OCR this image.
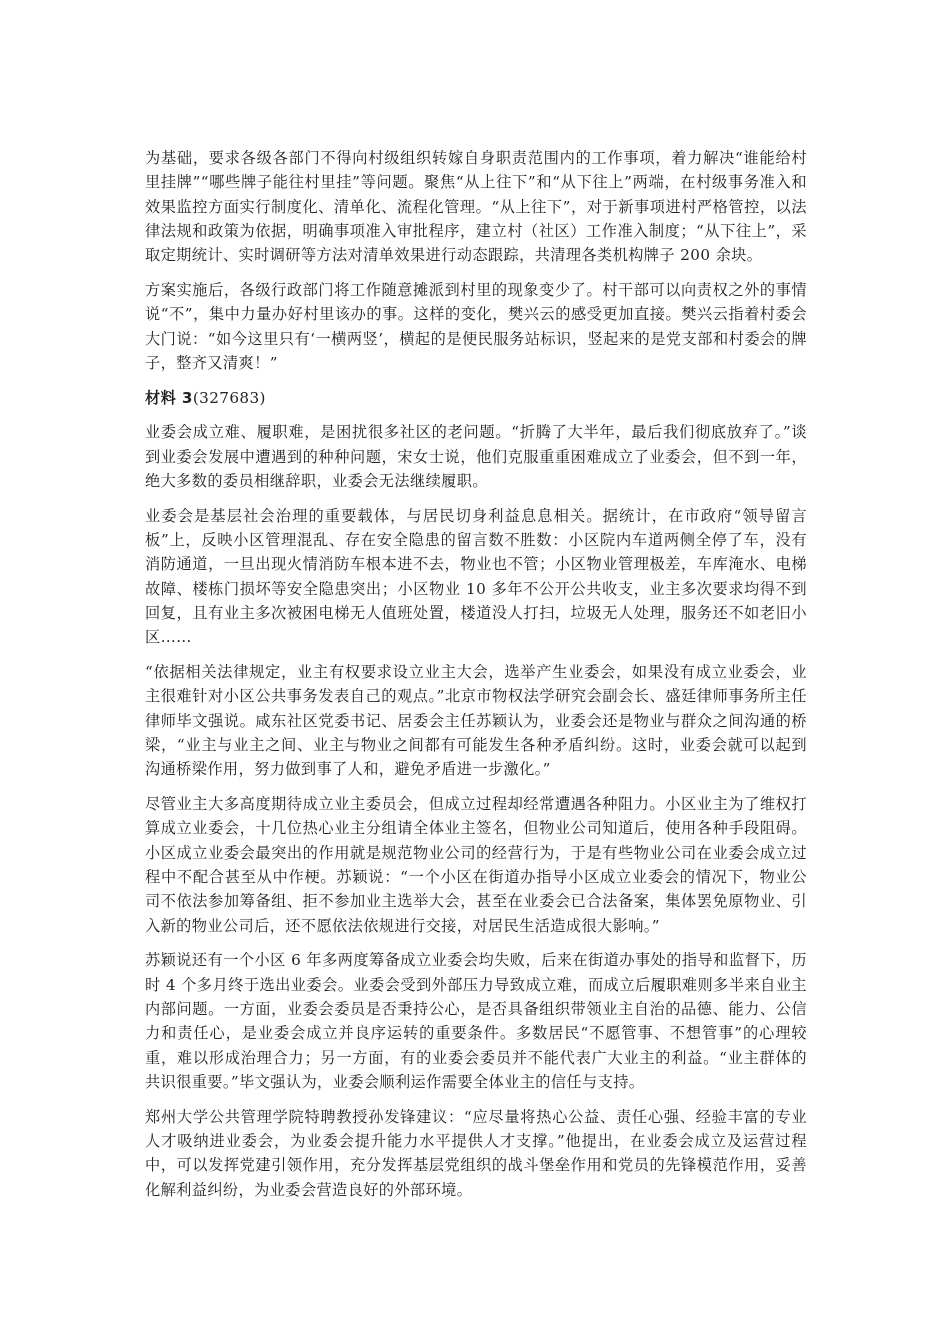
为基础，要求各级各部门不得向村级组织转嫁自身职责范围内的工作事项，着力解决“谁能给村里挂牌”“哪些牌子能往村里挂”等问题。聚焦“从上往下”和“从下往上”两端，在村级事务准入和效果监控方面实行制度化、清单化、流程化管理。“从上往下”，对于新事项进村严格管控，以法律法规和政策为依据，明确事项准入审批程序，建立村（社区）工作准入制度；“从下往上”，采取定期统计、实时调研等方法对清单效果进行动态跟踪，共清理各类机构牌子 200 余块。

方案实施后，各级行政部门将工作随意摊派到村里的现象变少了。村干部可以向责权之外的事情说“不”，集中力量办好村里该办的事。这样的变化，樊兴云的感受更加直接。樊兴云指着村委会大门说：“如今这里只有‘一横两竖’，横起的是便民服务站标识，竖起来的是党支部和村委会的牌子，整齐又清爽！”

材料 3(327683)

业委会成立难、履职难，是困扰很多社区的老问题。“折腾了大半年，最后我们彻底放弃了。”谈到业委会发展中遭遇到的种种问题，宋女士说，他们克服重重困难成立了业委会，但不到一年，绝大多数的委员相继辞职，业委会无法继续履职。

业委会是基层社会治理的重要载体，与居民切身利益息息相关。据统计，在市政府“领导留言板”上，反映小区管理混乱、存在安全隐患的留言数不胜数：小区院内车道两侧全停了车，没有消防通道，一旦出现火情消防车根本进不去，物业也不管；小区物业管理极差，车库淹水、电梯故障、楼栋门损坏等安全隐患突出；小区物业 10 多年不公开公共收支，业主多次要求均得不到回复，且有业主多次被困电梯无人值班处置，楼道没人打扫，垃圾无人处理，服务还不如老旧小区……

“依据相关法律规定，业主有权要求设立业主大会，选举产生业委会，如果没有成立业委会，业主很难针对小区公共事务发表自己的观点。”北京市物权法学研究会副会长、盛廷律师事务所主任律师毕文强说。咸东社区党委书记、居委会主任苏颖认为，业委会还是物业与群众之间沟通的桥梁，“业主与业主之间、业主与物业之间都有可能发生各种矛盾纠纷。这时，业委会就可以起到沟通桥梁作用，努力做到事了人和，避免矛盾进一步激化。”

尽管业主大多高度期待成立业主委员会，但成立过程却经常遭遇各种阻力。小区业主为了维权打算成立业委会，十几位热心业主分组请全体业主签名，但物业公司知道后，使用各种手段阻碍。小区成立业委会最突出的作用就是规范物业公司的经营行为，于是有些物业公司在业委会成立过程中不配合甚至从中作梗。苏颖说：“一个小区在街道办指导小区成立业委会的情况下，物业公司不依法参加筹备组、拒不参加业主选举大会，甚至在业委会已合法备案，集体罢免原物业、引入新的物业公司后，还不愿依法依规进行交接，对居民生活造成很大影响。”

苏颖说还有一个小区 6 年多两度筹备成立业委会均失败，后来在街道办事处的指导和监督下，历时 4 个多月终于选出业委会。业委会受到外部压力导致成立难，而成立后履职难则多半来自业主内部问题。一方面，业委会委员是否秉持公心，是否具备组织带领业主自治的品德、能力、公信力和责任心，是业委会成立并良序运转的重要条件。多数居民“不愿管事、不想管事”的心理较重，难以形成治理合力；另一方面，有的业委会委员并不能代表广大业主的利益。“业主群体的共识很重要。”毕文强认为，业委会顺利运作需要全体业主的信任与支持。

郑州大学公共管理学院特聘教授孙发锋建议：“应尽量将热心公益、责任心强、经验丰富的专业人才吸纳进业委会，为业委会提升能力水平提供人才支撑。”他提出，在业委会成立及运营过程中，可以发挥党建引领作用，充分发挥基层党组织的战斗堡垒作用和党员的先锋模范作用，妥善化解利益纠纷，为业委会营造良好的外部环境。
